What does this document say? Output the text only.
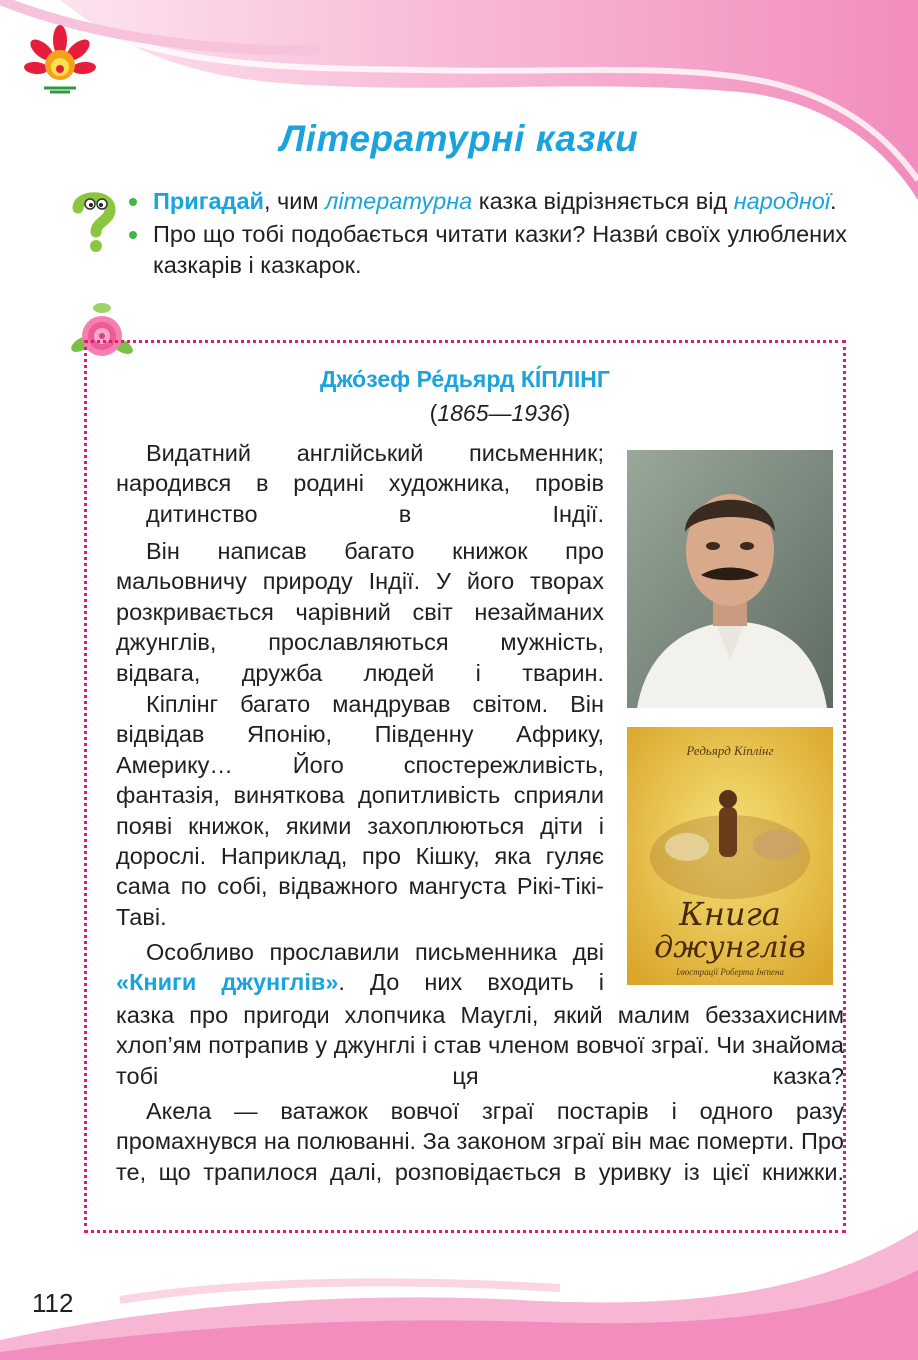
Літературні казки
Пригадай, чим літературна казка відрізняється від народної.
Про що тобі подобається читати казки? Назви́ своїх улюблених казкарів і казкарок.
Джо́зеф Ре́дьярд КІ́ПЛІНГ
(1865—1936)

Видатний англійський письменник; народився в родині художника, провів
дитинство в Індії.

Він написав багато книжок про мальовничу природу Індії. У його творах розкривається чарівний світ незайманих джунглів, прославляються мужність, відвага, дружба людей і тварин.

Кіплінг багато мандрував світом. Він відвідав Японію, Південну Африку, Америку… Його спостережливість, фантазія, виняткова допитливість сприяли появі книжок, якими захоплюються діти і дорослі. Наприклад, про Кішку, яка гуляє сама по собі, відважного мангуста Рікі-Тікі-Таві.

Особливо прославили письменника дві «Книги джунглів». До них входить і

казка про пригоди хлопчика Мауглі, який малим беззахисним хлоп’ям потрапив у джунглі і став членом вовчої зграї. Чи знайома тобі ця казка?

Акела — ватажок вовчої зграї постарів і одного разу промахнувся на полюванні. За законом зграї він має померти. Про те, що трапилося далі, розповідається в уривку із цієї книжки.

Редьярд Кіплінг
Книга
джунглів
Ілюстрації Роберта Інґпена
112
